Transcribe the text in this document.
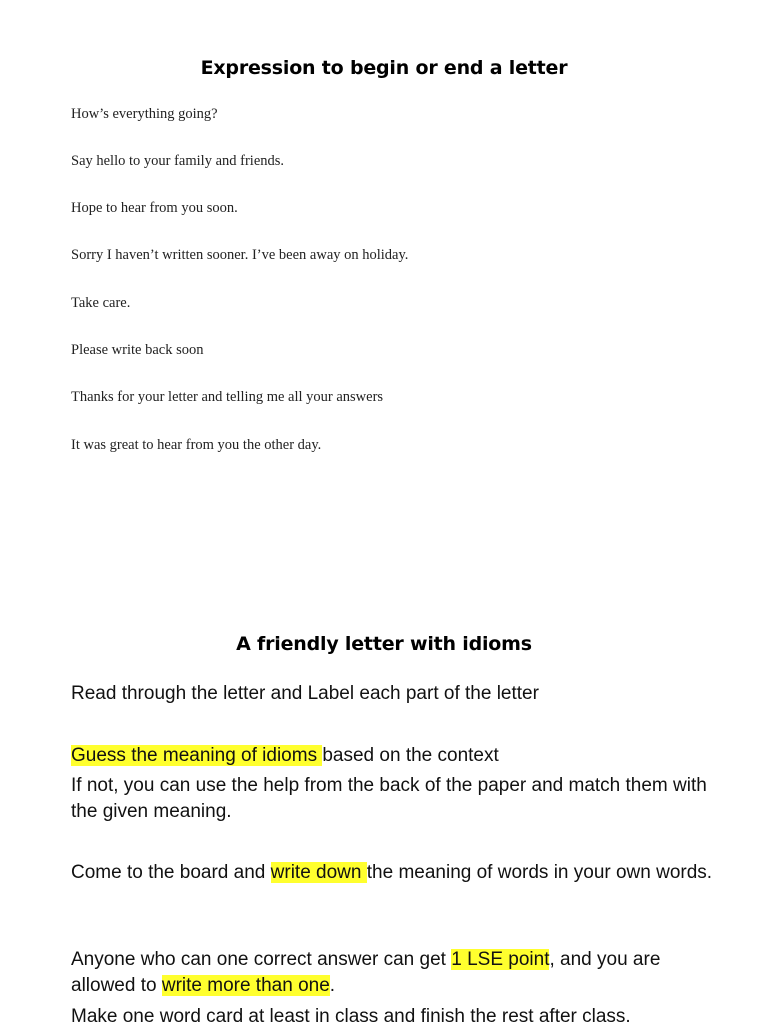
Expression to begin or end a letter
How’s everything going?
Say hello to your family and friends.
Hope to hear from you soon.
Sorry I haven’t written sooner. I’ve been away on holiday.
Take care.
Please write back soon
Thanks for your letter and telling me all your answers
It was great to hear from you the other day.
A friendly letter with idioms
Read through the letter and Label each part of the letter
Guess the meaning of idioms based on the context
If not, you can use the help from the back of the paper and match them with the given meaning.
Come to the board and write down the meaning of words in your own words.
Anyone who can one correct answer can get 1 LSE point, and you are allowed to write more than one.
Make one word card at least in class and finish the rest after class.
